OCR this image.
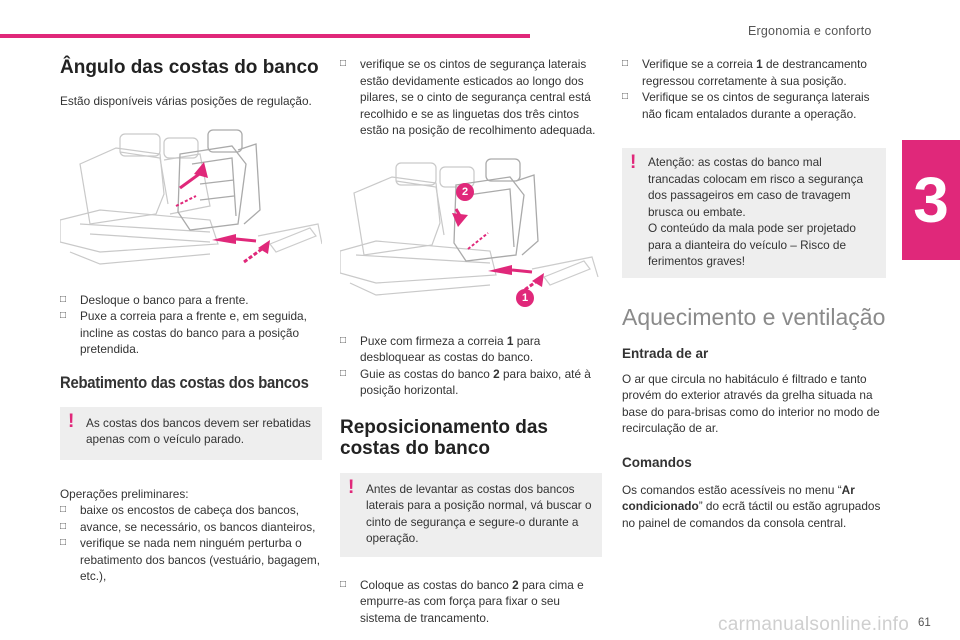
Ergonomia e conforto
3
Ângulo das costas do banco

Estão disponíveis várias posições de regulação.

□ Desloque o banco para a frente.
□ Puxe a correia para a frente e, em seguida, incline as costas do banco para a posição pretendida.
Rebatimento das costas dos bancos
! As costas dos bancos devem ser rebatidas apenas com o veículo parado.

Operações preliminares:

□ baixe os encostos de cabeça dos bancos,
□ avance, se necessário, os bancos dianteiros,
□ verifique se nada nem ninguém perturba o rebatimento dos bancos (vestuário, bagagem, etc.),
□ verifique se os cintos de segurança laterais estão devidamente esticados ao longo dos pilares, se o cinto de segurança central está recolhido e se as linguetas dos três cintos estão na posição de recolhimento adequada.
2
1
□ Puxe com firmeza a correia 1 para desbloquear as costas do banco.
□ Guie as costas do banco 2 para baixo, até à posição horizontal.
Reposicionamento das costas do banco
! Antes de levantar as costas dos bancos laterais para a posição normal, vá buscar o cinto de segurança e segure-o durante a operação.

□ Coloque as costas do banco 2 para cima e empurre-as com força para fixar o seu sistema de trancamento.
□ Verifique se a correia 1 de destrancamento regressou corretamente à sua posição.
□ Verifique se os cintos de segurança laterais não ficam entalados durante a operação.
! Atenção: as costas do banco mal trancadas colocam em risco a segurança dos passageiros em caso de travagem brusca ou embate.

O conteúdo da mala pode ser projetado para a dianteira do veículo – Risco de ferimentos graves!

Aquecimento e ventilação
Entrada de ar

O ar que circula no habitáculo é filtrado e tanto provém do exterior através da grelha situada na base do para-brisas como do interior no modo de recirculação de ar.

Comandos

Os comandos estão acessíveis no menu “Ar condicionado” do ecrã táctil ou estão agrupados no painel de comandos da consola central.

carmanualsonline.info 61
